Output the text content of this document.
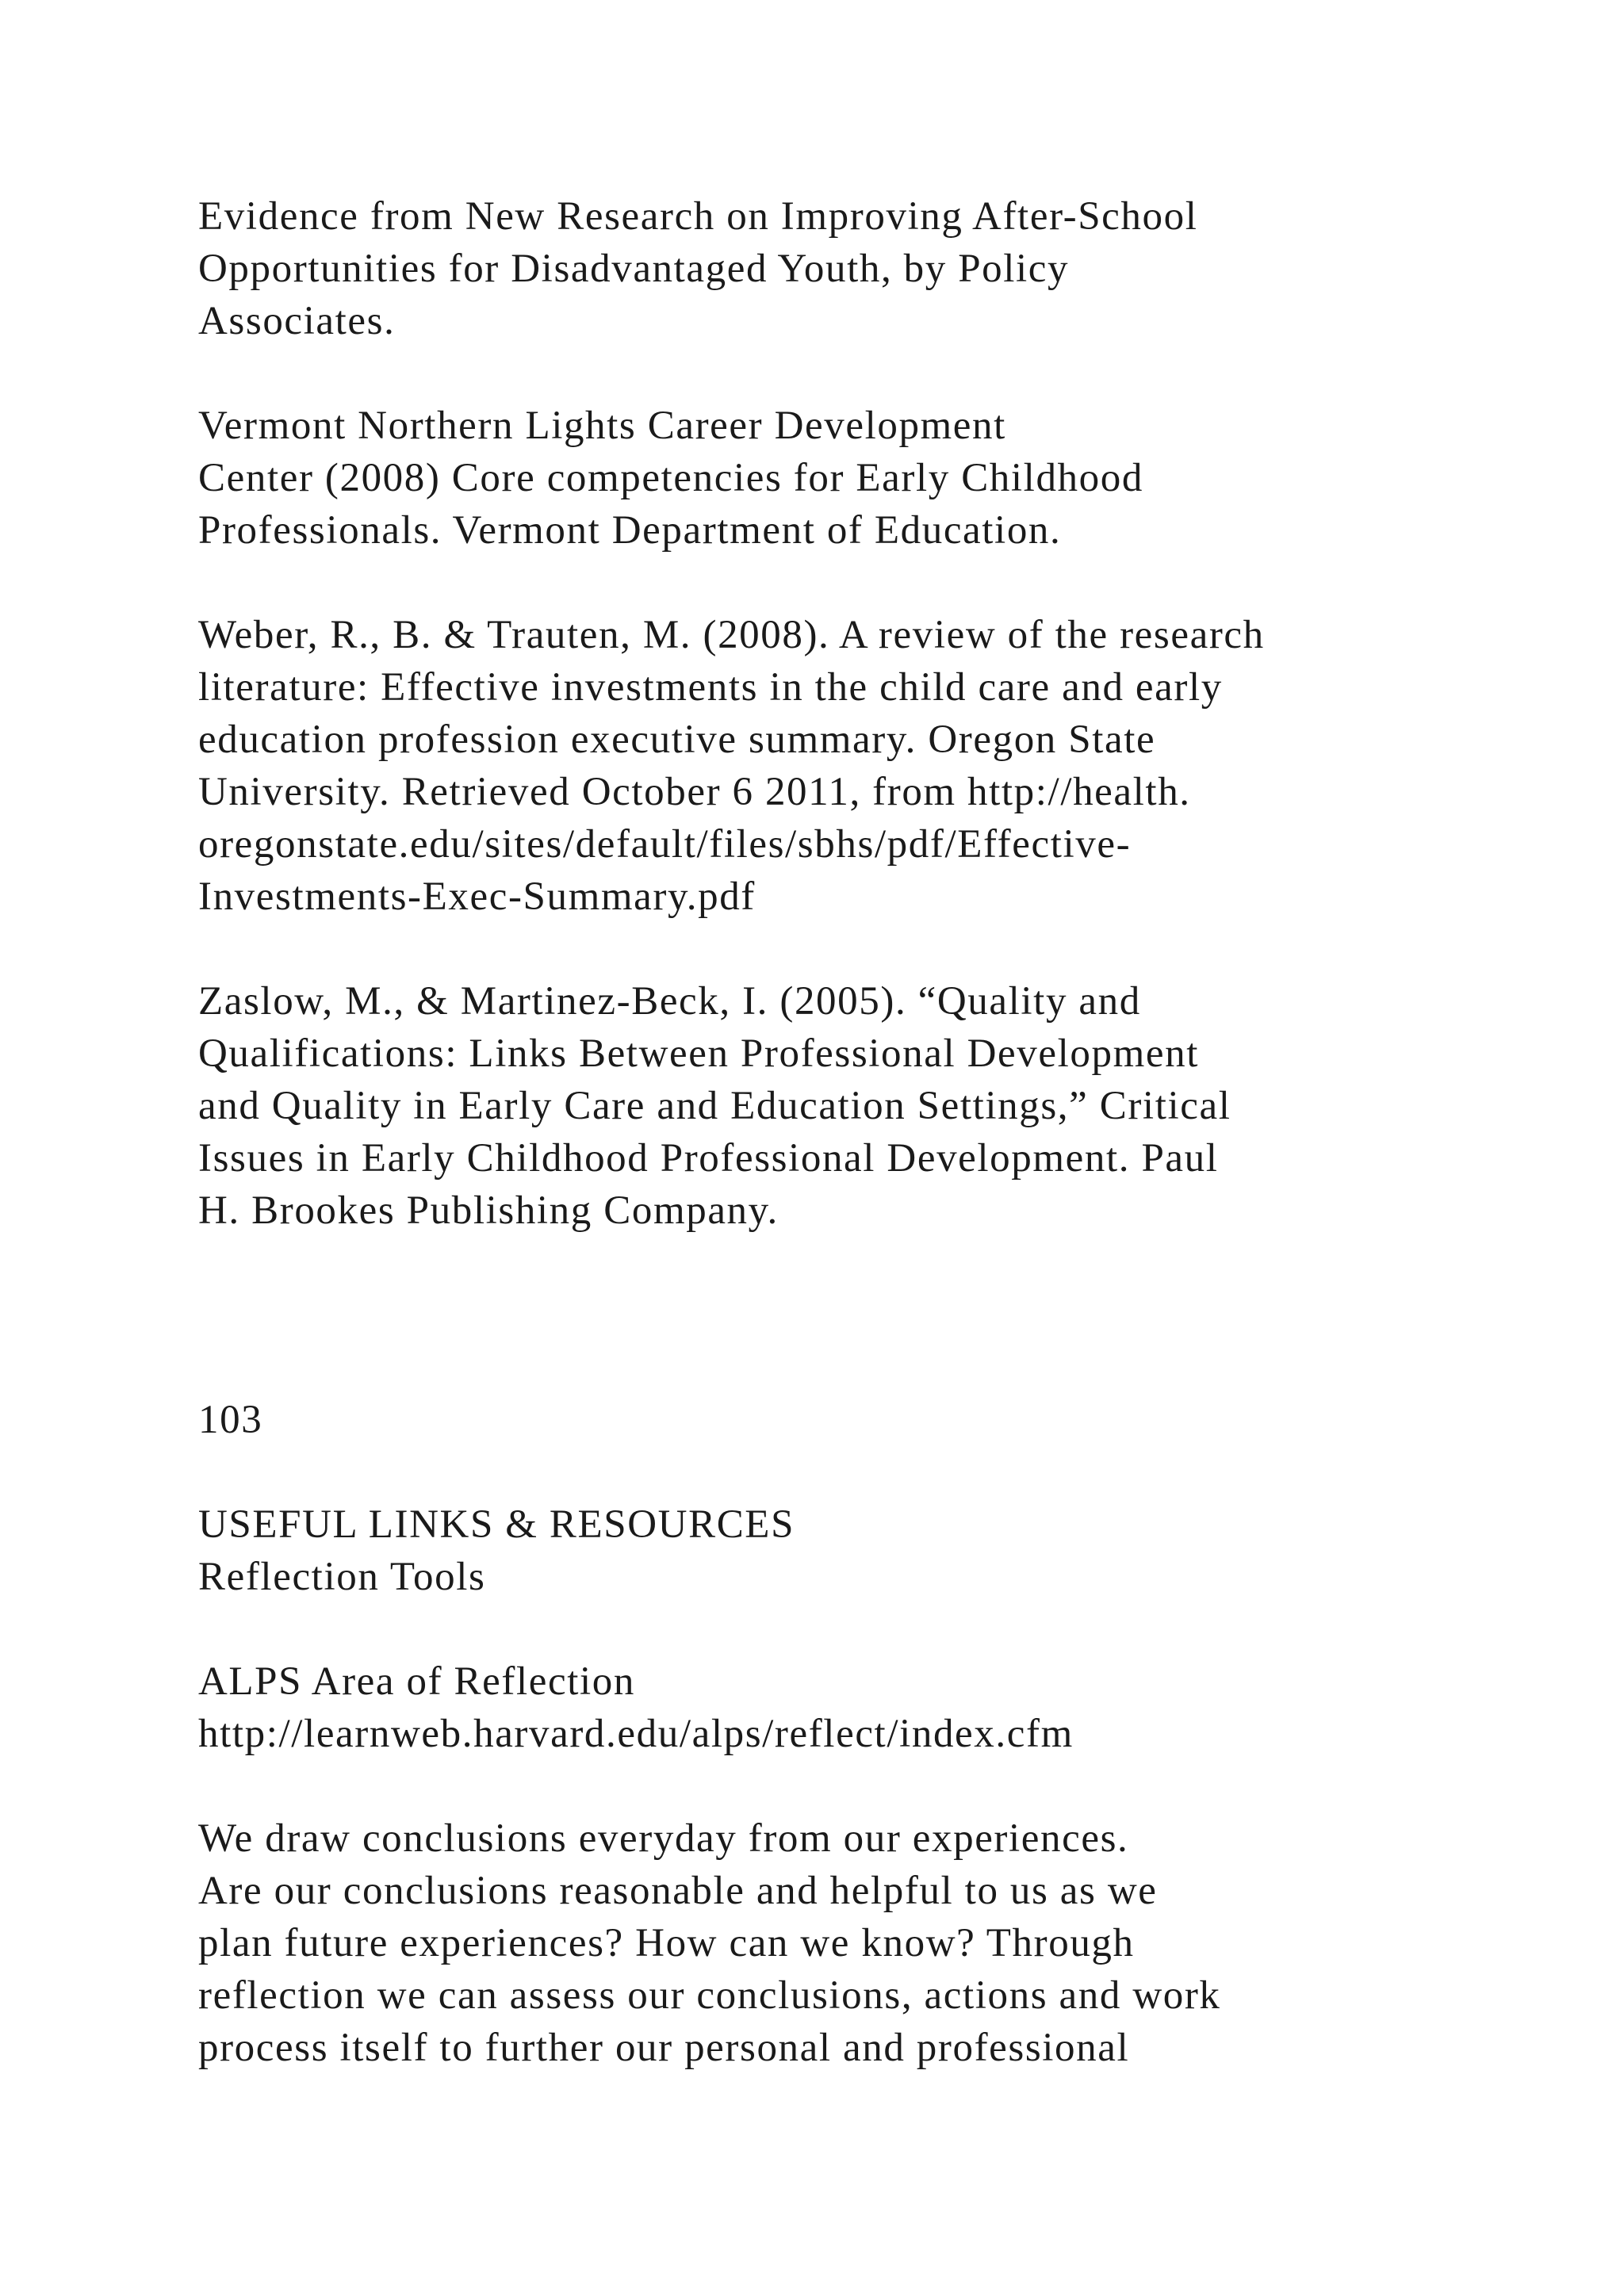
Evidence from New Research on Improving After-School
Opportunities for Disadvantaged Youth, by Policy
Associates.
Vermont Northern Lights Career Development
Center (2008) Core competencies for Early Childhood
Professionals. Vermont Department of Education.
Weber, R., B. & Trauten, M. (2008). A review of the research
literature: Effective investments in the child care and early
education profession executive summary. Oregon State
University. Retrieved October 6 2011, from http://health.
oregonstate.edu/sites/default/files/sbhs/pdf/Effective-
Investments-Exec-Summary.pdf
Zaslow, M., & Martinez-Beck, I. (2005). “Quality and
Qualifications: Links Between Professional Development
and Quality in Early Care and Education Settings,” Critical
Issues in Early Childhood Professional Development. Paul
H. Brookes Publishing Company.
103
USEFUL LINKS & RESOURCES
Reflection Tools
ALPS Area of Reflection
http://learnweb.harvard.edu/alps/reflect/index.cfm
We draw conclusions everyday from our experiences.
Are our conclusions reasonable and helpful to us as we
plan future experiences? How can we know? Through
reflection we can assess our conclusions, actions and work
process itself to further our personal and professional
